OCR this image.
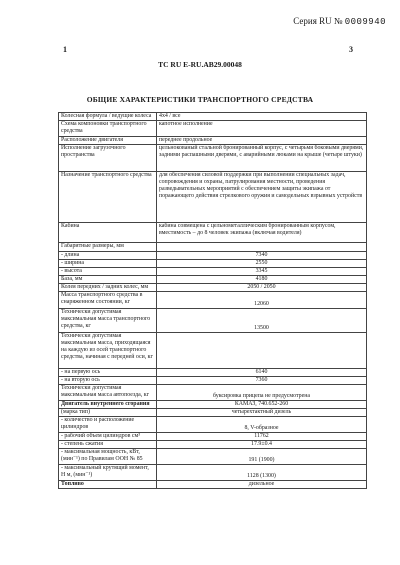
Серия RU № 0009940
1	3
TC RU E-RU.AB29.00048
ОБЩИЕ ХАРАКТЕРИСТИКИ ТРАНСПОРТНОГО СРЕДСТВА
Колесная формула / ведущие колеса	4x4 / все
Схема компоновки транспортного средства	капотное исполнение
Расположение двигателя	переднее продольное
Исполнение загрузочного пространства	цельнокованый стальной бронированный корпус, с четырьмя боковыми дверями, задними распашными дверями, с аварийными люками на крыше (четыре штуки)
Назначение транспортного средства	для обеспечения силовой поддержки при выполнении специальных задач, сопровождения и охраны, патрулирования местности, проведения разведывательных мероприятий с обеспечением защиты экипажа от поражающего действия стрелкового оружия и самодельных взрывных устройств
Кабина	кабина совмещена с цельнометаллическим бронированным корпусом, вместимость – до 8 человек экипажа (включая водителя)
Габаритные размеры, мм	
- длина	7340
- ширина	2550
- высота	3345
База, мм	4180
Колея передних / задних колес, мм	2050 / 2050
Масса транспортного средства в снаряженном состоянии, кг	12060
Технически допустимая максимальная масса транспортного средства, кг	13500
Технически допустимая максимальная масса, приходящаяся на каждую из осей транспортного средства, начиная с передней оси, кг	
- на первую ось	6140
- на вторую ось	7360
Технически допустимая максимальная масса автопоезда, кг	буксировка прицепа не предусмотрена
Двигатель внутреннего сгорания	КАМАЗ, 740.652-260
(марка тип)	четырехтактный дизель
- количество и расположение цилиндров	8, V-образное
- рабочий объем цилиндров см³	11762
- степень сжатия	17.9±0.4
- максимальная мощность, кВт, (мин⁻¹) по Правилам ООН № 85	191 (1900)
- максимальный крутящий момент, Н м, (мин⁻¹)	1128 (1300)
Топливо	дизельное
